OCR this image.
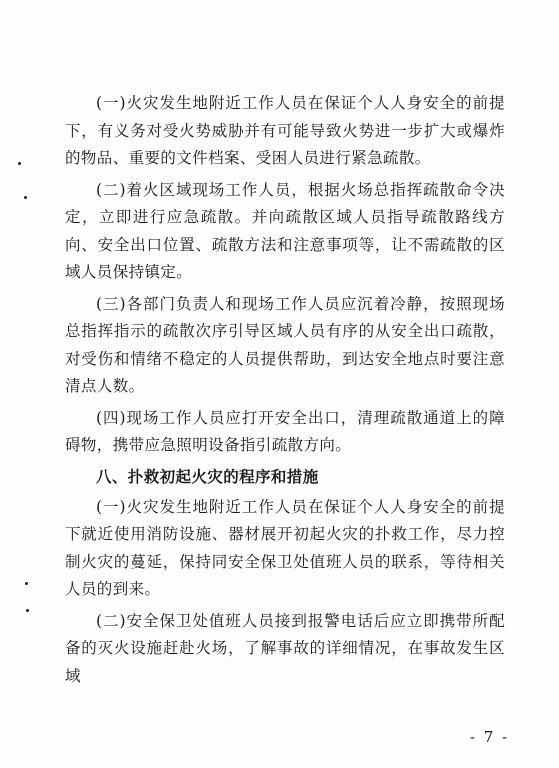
(一)火灾发生地附近工作人员在保证个人人身安全的前提下，有义务对受火势威胁并有可能导致火势进一步扩大或爆炸的物品、重要的文件档案、受困人员进行紧急疏散。

(二)着火区域现场工作人员，根据火场总指挥疏散命令决定，立即进行应急疏散。并向疏散区域人员指导疏散路线方向、安全出口位置、疏散方法和注意事项等，让不需疏散的区域人员保持镇定。

(三)各部门负责人和现场工作人员应沉着冷静，按照现场总指挥指示的疏散次序引导区域人员有序的从安全出口疏散，对受伤和情绪不稳定的人员提供帮助，到达安全地点时要注意清点人数。

(四)现场工作人员应打开安全出口，清理疏散通道上的障碍物，携带应急照明设备指引疏散方向。

八、扑救初起火灾的程序和措施

(一)火灾发生地附近工作人员在保证个人人身安全的前提下就近使用消防设施、器材展开初起火灾的扑救工作，尽力控制火灾的蔓延，保持同安全保卫处值班人员的联系，等待相关人员的到来。

(二)安全保卫处值班人员接到报警电话后应立即携带所配备的灭火设施赶赴火场，了解事故的详细情况，在事故发生区域

- 7 -
